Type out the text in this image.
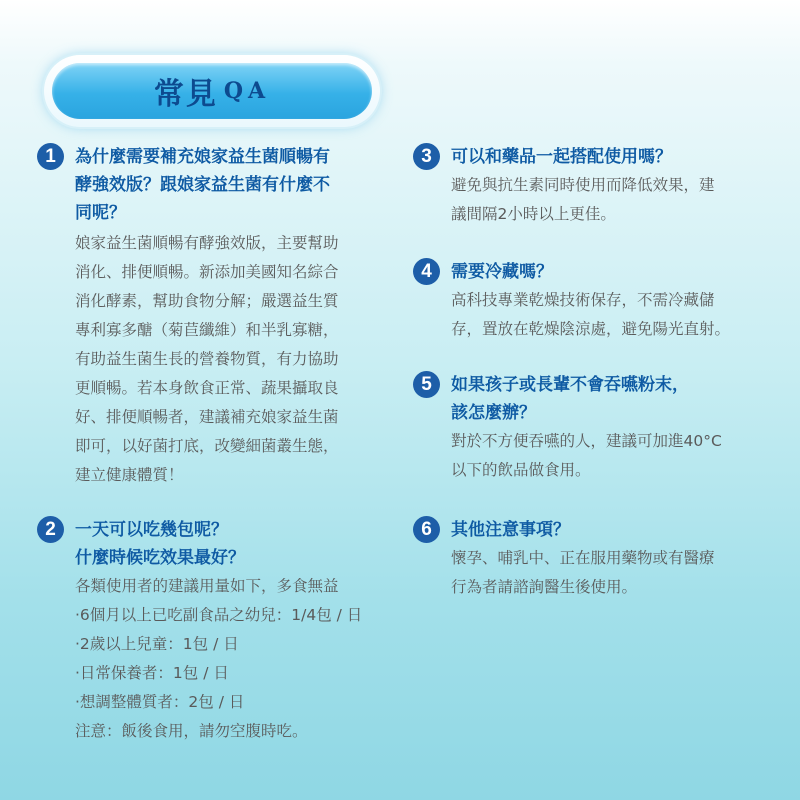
常見 QA
1	為什麼需要補充娘家益生菌順暢有
酵強效版？跟娘家益生菌有什麼不
同呢？
娘家益生菌順暢有酵強效版，主要幫助
消化、排便順暢。新添加美國知名綜合
消化酵素，幫助食物分解；嚴選益生質
專利寡多醣（菊苣纖維）和半乳寡糖，
有助益生菌生長的營養物質，有力協助
更順暢。若本身飲食正常、蔬果攝取良
好、排便順暢者，建議補充娘家益生菌
即可，以好菌打底，改變細菌叢生態，
建立健康體質！
2	一天可以吃幾包呢？
什麼時候吃效果最好？
各類使用者的建議用量如下，多食無益
·6個月以上已吃副食品之幼兒：1/4包 / 日
·2歲以上兒童：1包 / 日
·日常保養者：1包 / 日
·想調整體質者：2包 / 日
注意：飯後食用，請勿空腹時吃。
3	可以和藥品一起搭配使用嗎？
避免與抗生素同時使用而降低效果，建
議間隔2小時以上更佳。
4	需要冷藏嗎？
高科技專業乾燥技術保存，不需冷藏儲
存，置放在乾燥陰涼處，避免陽光直射。
5	如果孩子或長輩不會吞嚥粉末，
該怎麼辦？
對於不方便吞嚥的人，建議可加進40°C
以下的飲品做食用。
6	其他注意事項？
懷孕、哺乳中、正在服用藥物或有醫療
行為者請諮詢醫生後使用。
